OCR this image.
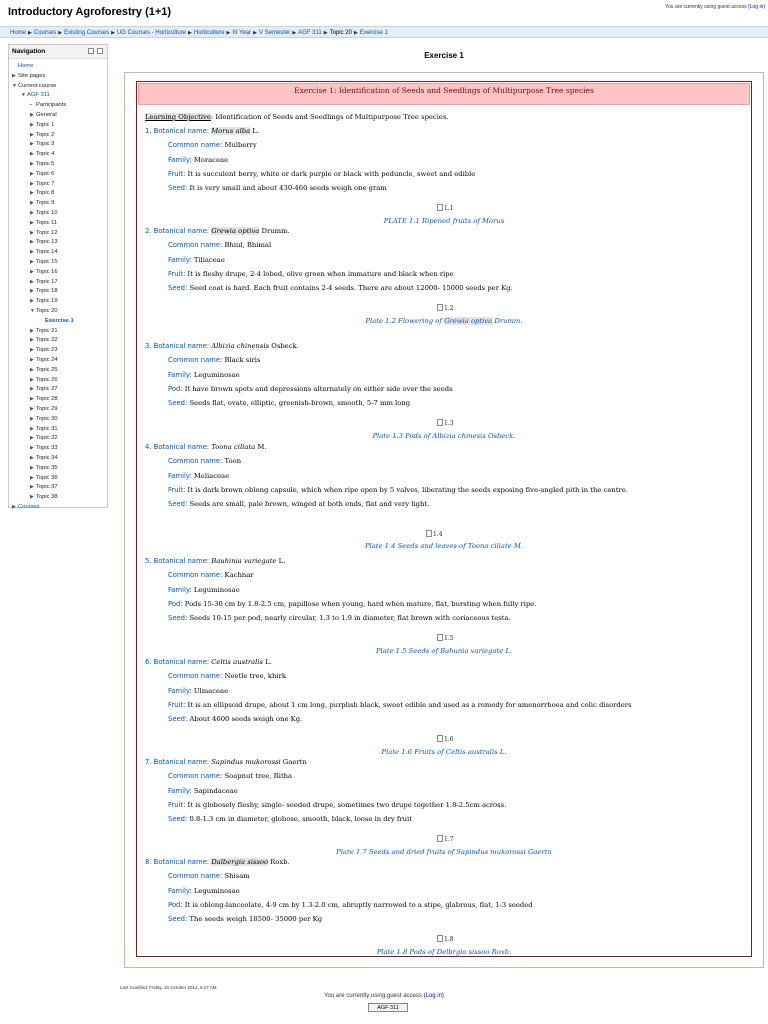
Introductory Agroforestry (1+1)	You are currently using guest access (Log in)
Home ▶ Courses ▶ Existing Courses ▶ UG Courses - Horticulture ▶ Horticulture ▶ III Year ▶ V Semester ▶ AGF 311 ▶ Topic 20 ▶ Exercise 1
Navigation
Home
▶ Site pages
▼Current course
▼AGF 311
▪ Participants
▶ General
▶ Topic 1
▶ Topic 2
▶ Topic 3
▶ Topic 4
▶ Topic 5
▶ Topic 6
▶ Topic 7
▶ Topic 8
▶ Topic 9
▶ Topic 10
▶ Topic 11
▶ Topic 12
▶ Topic 13
▶ Topic 14
▶ Topic 15
▶ Topic 16
▶ Topic 17
▶ Topic 18
▶ Topic 19
▼Topic 20
Exercise 1
▶ Topic 21
▶ Topic 22
▶ Topic 23
▶ Topic 24
▶ Topic 25
▶ Topic 26
▶ Topic 27
▶ Topic 28
▶ Topic 29
▶ Topic 30
▶ Topic 31
▶ Topic 32
▶ Topic 33
▶ Topic 34
▶ Topic 35
▶ Topic 36
▶ Topic 37
▶ Topic 38
▶ Courses
Exercise 1
Exercise 1: Identification of Seeds and Seedlings of Multipurpose Tree species
Learning Objective: Identification of Seeds and Seedlings of Multipurpose Tree species.
1. Botanical name: Morus alba L.
Common name: Mulberry
Family: Moraceae
Fruit: It is succulent berry, white or dark purple or black with peduncle, sweet and edible
Seed: It is very small and about 430-460 seeds weigh one gram
1.1
PLATE 1.1 Ripened fruits of Morus
2. Botanical name: Grewia optiva Drumm.
Common name: Bhiul, Bhimal
Family: Tiliaceae
Fruit: It is fleshy drupe, 2-4 lobed, olive green when immature and black when ripe
Seed: Seed coat is hard. Each fruit contains 2-4 seeds. There are about 12000- 15000 seeds per Kg.
1.2
Plate 1.2 Flowering of Grewia optiva Drumm.
3. Botanical name: Albizia chinensis Osbeck.
Common name: Black siris
Family: Leguminosae
Pod: It have brown spots and depressions alternately on either side over the seeds
Seed: Seeds flat, ovate, elliptic, greenish-brown, smooth, 5-7 mm long
1.3
Plate 1.3 Pods of Albizia chinesis Osbeck.
4. Botanical name: Toona ciliata M.
Common name: Toon
Family: Meliaceae
Fruit: It is dark brown oblong capsule, which when ripe open by 5 valves, liberating the seeds exposing five-angled pith in the centre.
Seed: Seeds are small, pale brown, winged at both ends, flat and very light.
1.4
Plate 1.4 Seeds and leaves of Toona ciliate M.
5. Botanical name: Bauhinia variegate L.
Common name: Kachnar
Family: Leguminosae
Pod: Pods 15-30 cm by 1.8-2.5 cm, papillose when young, hard when mature, flat, bursting when fully ripe.
Seed: Seeds 10-15 per pod, nearly circular, 1.3 to 1.9 in diameter, flat brown with coriaceous testa.
1.5
Plate 1.5 Seeds of Bahunia variegate L.
6. Botanical name: Celtis australis L.
Common name: Neetle tree, khirk
Family: Ulmaceae
Fruit: It is an ellipsoid drupe, about 1 cm long, purplish black, sweet edible and used as a remedy for amenorrhoea and colic disorders
Seed: About 4600 seeds weigh one Kg.
1.6
Plate 1.6 Fruits of Celtis australis L.
7. Botanical name: Sapindus mukorossi Gaertn
Common name: Soapnut tree, Ritha
Family: Sapindaceae
Fruit: It is globosely fleshy, single- seeded drupe, sometimes two drupe together 1.8-2.5cm across.
Seed: 0.8-1.3 cm in diameter, globose, smooth, black, loose in dry fruit
1.7
Plate 1.7 Seeds and dried fruits of Sapindus mukorossi Gaertn
8. Botanical name: Dalbergia sissoo Roxb.
Common name: Shisam
Family: Leguminosae
Pod: It is oblong-lanceolate, 4-9 cm by 1.3-2.0 cm, abruptly narrowed to a stipe, glabrous, flat, 1-3 seeded
Seed: The seeds weigh 18500- 35000 per Kg
1.8
Plate 1.8 Pods of Delbrgia sissoo Roxb.
Last modified: Friday, 19 October 2012, 6:27 AM
You are currently using guest access (Log in)
AGF 311
